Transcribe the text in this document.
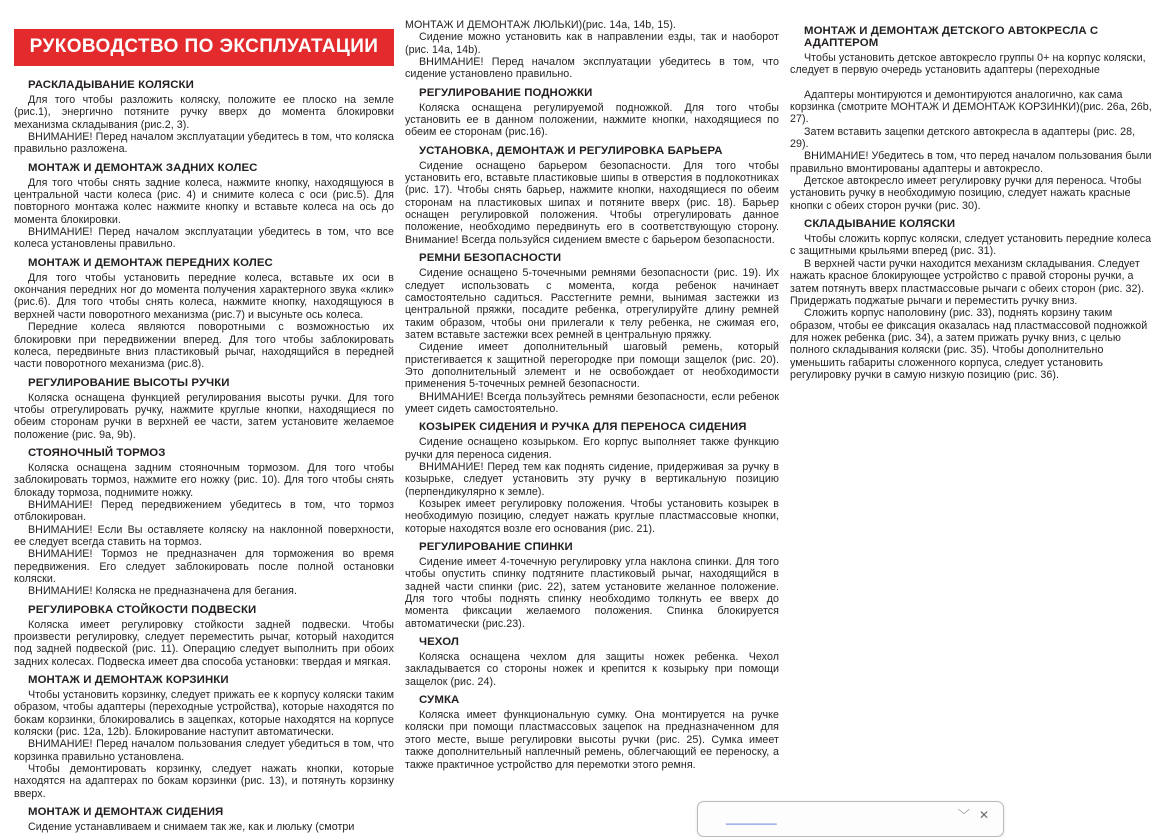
РУКОВОДСТВО ПО ЭКСПЛУАТАЦИИ
РАСКЛАДЫВАНИЕ КОЛЯСКИ

Для того чтобы разложить коляску, положите ее плоско на земле (рис.1), энергично потяните ручку вверх до момента блокировки механизма складывания (рис.2, 3).

ВНИМАНИЕ! Перед началом эксплуатации убедитесь в том, что коляска правильно разложена.

МОНТАЖ И ДЕМОНТАЖ ЗАДНИХ КОЛЕС

Для того чтобы снять задние колеса, нажмите кнопку, находящуюся в центральной части колеса (рис. 4) и снимите колеса с оси (рис.5). Для повторного монтажа колес нажмите кнопку и вставьте колеса на ось до момента блокировки.

ВНИМАНИЕ! Перед началом эксплуатации убедитесь в том, что все колеса установлены правильно.

МОНТАЖ И ДЕМОНТАЖ ПЕРЕДНИХ КОЛЕС

Для того чтобы установить передние колеса, вставьте их оси в окончания передних ног до момента получения характерного звука «клик» (рис.6). Для того чтобы снять колеса, нажмите кнопку, находящуюся в верхней части поворотного механизма (рис.7) и высуньте ось колеса.

Передние колеса являются поворотными с возможностью их блокировки при передвижении вперед. Для того чтобы заблокировать колеса, передвиньте вниз пластиковый рычаг, находящийся в передней части поворотного механизма (рис.8).

РЕГУЛИРОВАНИЕ ВЫСОТЫ РУЧКИ

Коляска оснащена функцией регулирования высоты ручки. Для того чтобы отрегулировать ручку, нажмите круглые кнопки, находящиеся по обеим сторонам ручки в верхней ее части, затем установите желаемое положение (рис. 9a, 9b).

СТОЯНОЧНЫЙ ТОРМОЗ

Коляска оснащена задним стояночным тормозом. Для того чтобы заблокировать тормоз, нажмите его ножку (рис. 10). Для того чтобы снять блокаду тормоза, поднимите ножку.

ВНИМАНИЕ! Перед передвижением убедитесь в том, что тормоз отблокирован.

ВНИМАНИЕ! Если Вы оставляете коляску на наклонной поверхности, ее следует всегда ставить на тормоз.

ВНИМАНИЕ! Тормоз не предназначен для торможения во время передвижения. Его следует заблокировать после полной остановки коляски.

ВНИМАНИЕ! Коляска не предназначена для бегания.

РЕГУЛИРОВКА СТОЙКОСТИ ПОДВЕСКИ

Коляска имеет регулировку стойкости задней подвески. Чтобы произвести регулировку, следует переместить рычаг, который находится под задней подвеской (рис. 11). Операцию следует выполнить при обоих задних колесах. Подвеска имеет два способа установки: твердая и мягкая.

МОНТАЖ И ДЕМОНТАЖ КОРЗИНКИ

Чтобы установить корзинку, следует прижать ее к корпусу коляски таким образом, чтобы адаптеры (переходные устройства), которые находятся по бокам корзинки, блокировались в зацепках, которые находятся на корпусе коляски (рис. 12a, 12b). Блокирование наступит автоматически.

ВНИМАНИЕ! Перед началом пользования следует убедиться в том, что корзинка правильно установлена.

Чтобы демонтировать корзинку, следует нажать кнопки, которые находятся на адаптерах по бокам корзинки (рис. 13), и потянуть корзинку вверх.

МОНТАЖ И ДЕМОНТАЖ СИДЕНИЯ

Сидение устанавливаем и снимаем так же, как и люльку (смотри

МОНТАЖ И ДЕМОНТАЖ ЛЮЛЬКИ)(рис. 14a, 14b, 15).

Сидение можно установить как в направлении езды, так и наоборот (рис. 14a, 14b).

ВНИМАНИЕ! Перед началом эксплуатации убедитесь в том, что сидение установлено правильно.

РЕГУЛИРОВАНИЕ ПОДНОЖКИ

Коляска оснащена регулируемой подножкой. Для того чтобы установить ее в данном положении, нажмите кнопки, находящиеся по обеим ее сторонам (рис.16).

УСТАНОВКА, ДЕМОНТАЖ И РЕГУЛИРОВКА БАРЬЕРА

Сидение оснащено барьером безопасности. Для того чтобы установить его, вставьте пластиковые шипы в отверстия в подлокотниках (рис. 17). Чтобы снять барьер, нажмите кнопки, находящиеся по обеим сторонам на пластиковых шипах и потяните вверх (рис. 18). Барьер оснащен регулировкой положения. Чтобы отрегулировать данное положение, необходимо передвинуть его в соответствующую сторону. Внимание! Всегда пользуйся сидением вместе с барьером безопасности.

РЕМНИ БЕЗОПАСНОСТИ

Сидение оснащено 5-точечными ремнями безопасности (рис. 19). Их следует использовать с момента, когда ребенок начинает самостоятельно садиться. Расстегните ремни, вынимая застежки из центральной пряжки, посадите ребенка, отрегулируйте длину ремней таким образом, чтобы они прилегали к телу ребенка, не сжимая его, затем вставьте застежки всех ремней в центральную пряжку.

Сидение имеет дополнительный шаговый ремень, который пристегивается к защитной перегородке при помощи защелок (рис. 20). Это дополнительный элемент и не освобождает от необходимости применения 5-точечных ремней безопасности.

ВНИМАНИЕ! Всегда пользуйтесь ремнями безопасности, если ребенок умеет сидеть самостоятельно.

КОЗЫРЕК СИДЕНИЯ И РУЧКА ДЛЯ ПЕРЕНОСА СИДЕНИЯ

Сидение оснащено козырьком. Его корпус выполняет также функцию ручки для переноса сидения.

ВНИМАНИЕ! Перед тем как поднять сидение, придерживая за ручку в козырьке, следует установить эту ручку в вертикальную позицию (перпендикулярно к земле).

Козырек имеет регулировку положения. Чтобы установить козырек в необходимую позицию, следует нажать круглые пластмассовые кнопки, которые находятся возле его основания (рис. 21).

РЕГУЛИРОВАНИЕ СПИНКИ

Сидение имеет 4-точечную регулировку угла наклона спинки. Для того чтобы опустить спинку подтяните пластиковый рычаг, находящийся в задней части спинки (рис. 22), затем установите желанное положение. Для того чтобы поднять спинку необходимо толкнуть ее вверх до момента фиксации желаемого положения. Спинка блокируется автоматически (рис.23).

ЧЕХОЛ

Коляска оснащена чехлом для защиты ножек ребенка. Чехол закладывается со стороны ножек и крепится к козырьку при помощи защелок (рис. 24).

СУМКА

Коляска имеет функциональную сумку. Она монтируется на ручке коляски при помощи пластмассовых зацепок на предназначенном для этого месте, выше регулировки высоты ручки (рис. 25). Сумка имеет также дополнительный наплечный ремень, облегчающий ее переноску, а также практичное устройство для перемотки этого ремня.

МОНТАЖ И ДЕМОНТАЖ ДЕТСКОГО АВТОКРЕСЛА С АДАПТЕРОМ

Чтобы установить детское автокресло группы 0+ на корпус коляски, следует в первую очередь установить адаптеры (переходные

Адаптеры монтируются и демонтируются аналогично, как сама корзинка (смотрите МОНТАЖ И ДЕМОНТАЖ КОРЗИНКИ)(рис. 26a, 26b, 27).

Затем вставить зацепки детского автокресла в адаптеры (рис. 28, 29).

ВНИМАНИЕ! Убедитесь в том, что перед началом пользования были правильно вмонтированы адаптеры и автокресло.

Детское автокресло имеет регулировку ручки для переноса. Чтобы установить ручку в необходимую позицию, следует нажать красные кнопки с обеих сторон ручки (рис. 30).

СКЛАДЫВАНИЕ КОЛЯСКИ

Чтобы сложить корпус коляски, следует установить передние колеса с защитными крыльями вперед (рис. 31).

В верхней части ручки находится механизм складывания. Следует нажать красное блокирующее устройство с правой стороны ручки, а затем потянуть вверх пластмассовые рычаги с обеих сторон (рис. 32). Придержать поджатые рычаги и переместить ручку вниз.

Сложить корпус наполовину (рис. 33), поднять корзину таким образом, чтобы ее фиксация оказалась над пластмассовой подножкой для ножек ребенка (рис. 34), а затем прижать ручку вниз, с целью полного складывания коляски (рис. 35). Чтобы дополнительно уменьшить габариты сложенного корпуса, следует установить регулировку ручки в самую низкую позицию (рис. 36).

_______	﹀ ✕
